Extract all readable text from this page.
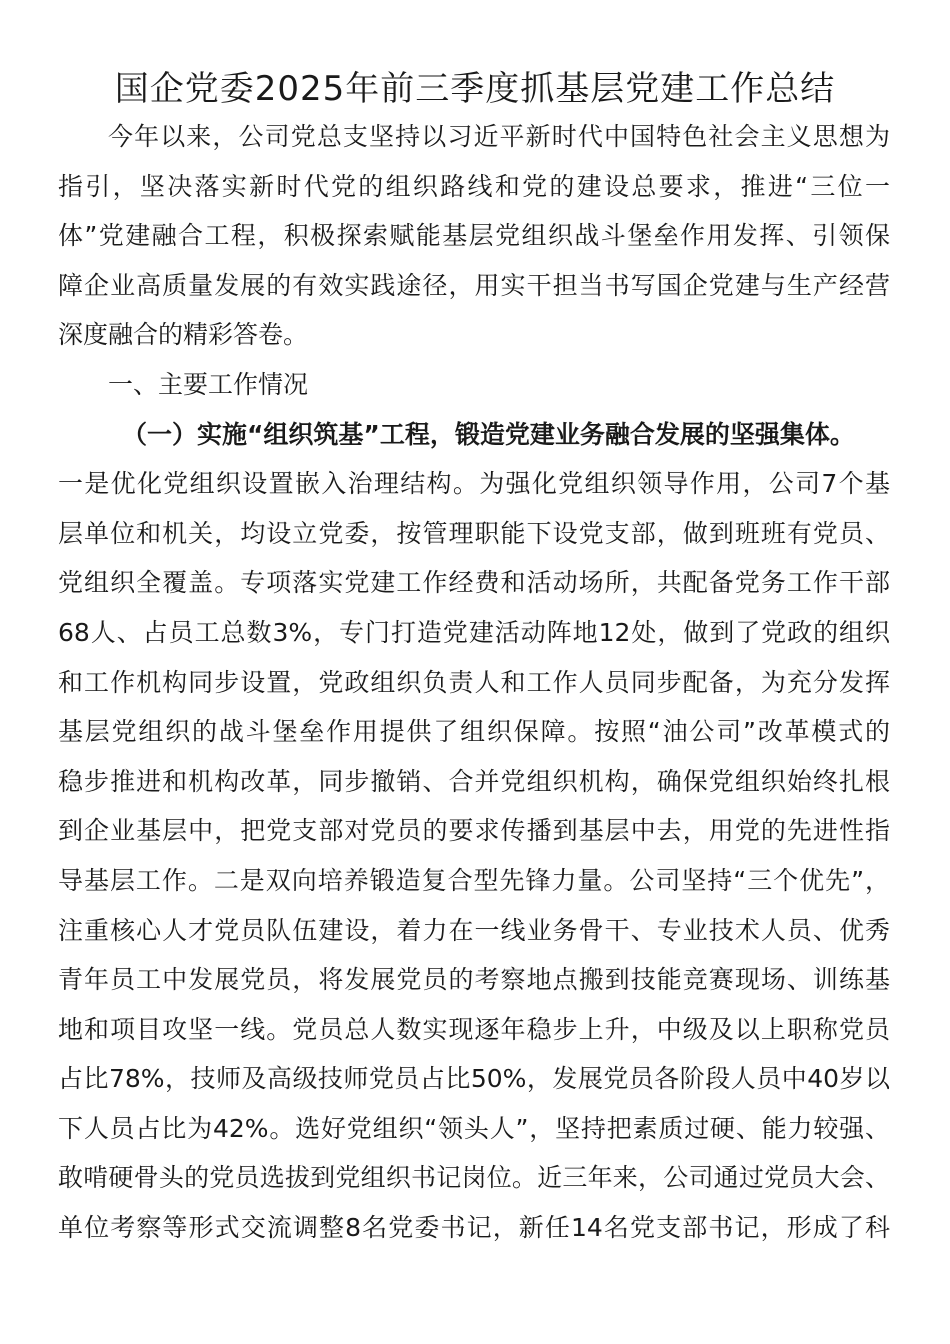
国企党委2025年前三季度抓基层党建工作总结
今年以来，公司党总支坚持以习近平新时代中国特色社会主义思想为
指引，坚决落实新时代党的组织路线和党的建设总要求，推进“三位一
体”党建融合工程，积极探索赋能基层党组织战斗堡垒作用发挥、引领保
障企业高质量发展的有效实践途径，用实干担当书写国企党建与生产经营
深度融合的精彩答卷。
一、主要工作情况
（一）实施“组织筑基”工程，锻造党建业务融合发展的坚强集体。
一是优化党组织设置嵌入治理结构。为强化党组织领导作用，公司7个基
层单位和机关，均设立党委，按管理职能下设党支部，做到班班有党员、
党组织全覆盖。专项落实党建工作经费和活动场所，共配备党务工作干部
68人、占员工总数3%，专门打造党建活动阵地12处，做到了党政的组织
和工作机构同步设置，党政组织负责人和工作人员同步配备，为充分发挥
基层党组织的战斗堡垒作用提供了组织保障。按照“油公司”改革模式的
稳步推进和机构改革，同步撤销、合并党组织机构，确保党组织始终扎根
到企业基层中，把党支部对党员的要求传播到基层中去，用党的先进性指
导基层工作。二是双向培养锻造复合型先锋力量。公司坚持“三个优先”，
注重核心人才党员队伍建设，着力在一线业务骨干、专业技术人员、优秀
青年员工中发展党员，将发展党员的考察地点搬到技能竞赛现场、训练基
地和项目攻坚一线。党员总人数实现逐年稳步上升，中级及以上职称党员
占比78%，技师及高级技师党员占比50%，发展党员各阶段人员中40岁以
下人员占比为42%。选好党组织“领头人”，坚持把素质过硬、能力较强、
敢啃硬骨头的党员选拔到党组织书记岗位。近三年来，公司通过党员大会、
单位考察等形式交流调整8名党委书记，新任14名党支部书记，形成了科
